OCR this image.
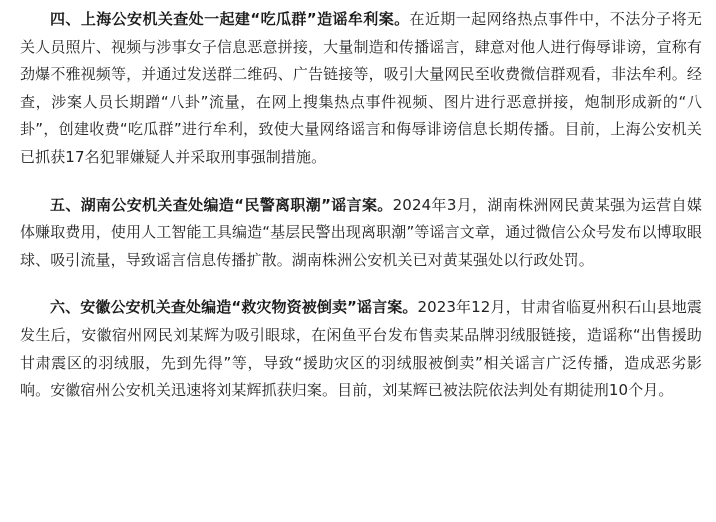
四、上海公安机关查处一起建“吃瓜群”造谣牟利案。在近期一起网络热点事件中，不法分子将无关人员照片、视频与涉事女子信息恶意拼接，大量制造和传播谣言，肆意对他人进行侮辱诽谤，宣称有劲爆不雅视频等，并通过发送群二维码、广告链接等，吸引大量网民至收费微信群观看，非法牟利。经查，涉案人员长期蹭“八卦”流量，在网上搜集热点事件视频、图片进行恶意拼接，炮制形成新的“八卦”，创建收费“吃瓜群”进行牟利，致使大量网络谣言和侮辱诽谤信息长期传播。目前，上海公安机关已抓获17名犯罪嫌疑人并采取刑事强制措施。

五、湖南公安机关查处编造“民警离职潮”谣言案。2024年3月，湖南株洲网民黄某强为运营自媒体赚取费用，使用人工智能工具编造“基层民警出现离职潮”等谣言文章，通过微信公众号发布以博取眼球、吸引流量，导致谣言信息传播扩散。湖南株洲公安机关已对黄某强处以行政处罚。

六、安徽公安机关查处编造“救灾物资被倒卖”谣言案。2023年12月，甘肃省临夏州积石山县地震发生后，安徽宿州网民刘某辉为吸引眼球，在闲鱼平台发布售卖某品牌羽绒服链接，造谣称“出售援助甘肃震区的羽绒服，先到先得”等，导致“援助灾区的羽绒服被倒卖”相关谣言广泛传播，造成恶劣影响。安徽宿州公安机关迅速将刘某辉抓获归案。目前，刘某辉已被法院依法判处有期徒刑10个月。
